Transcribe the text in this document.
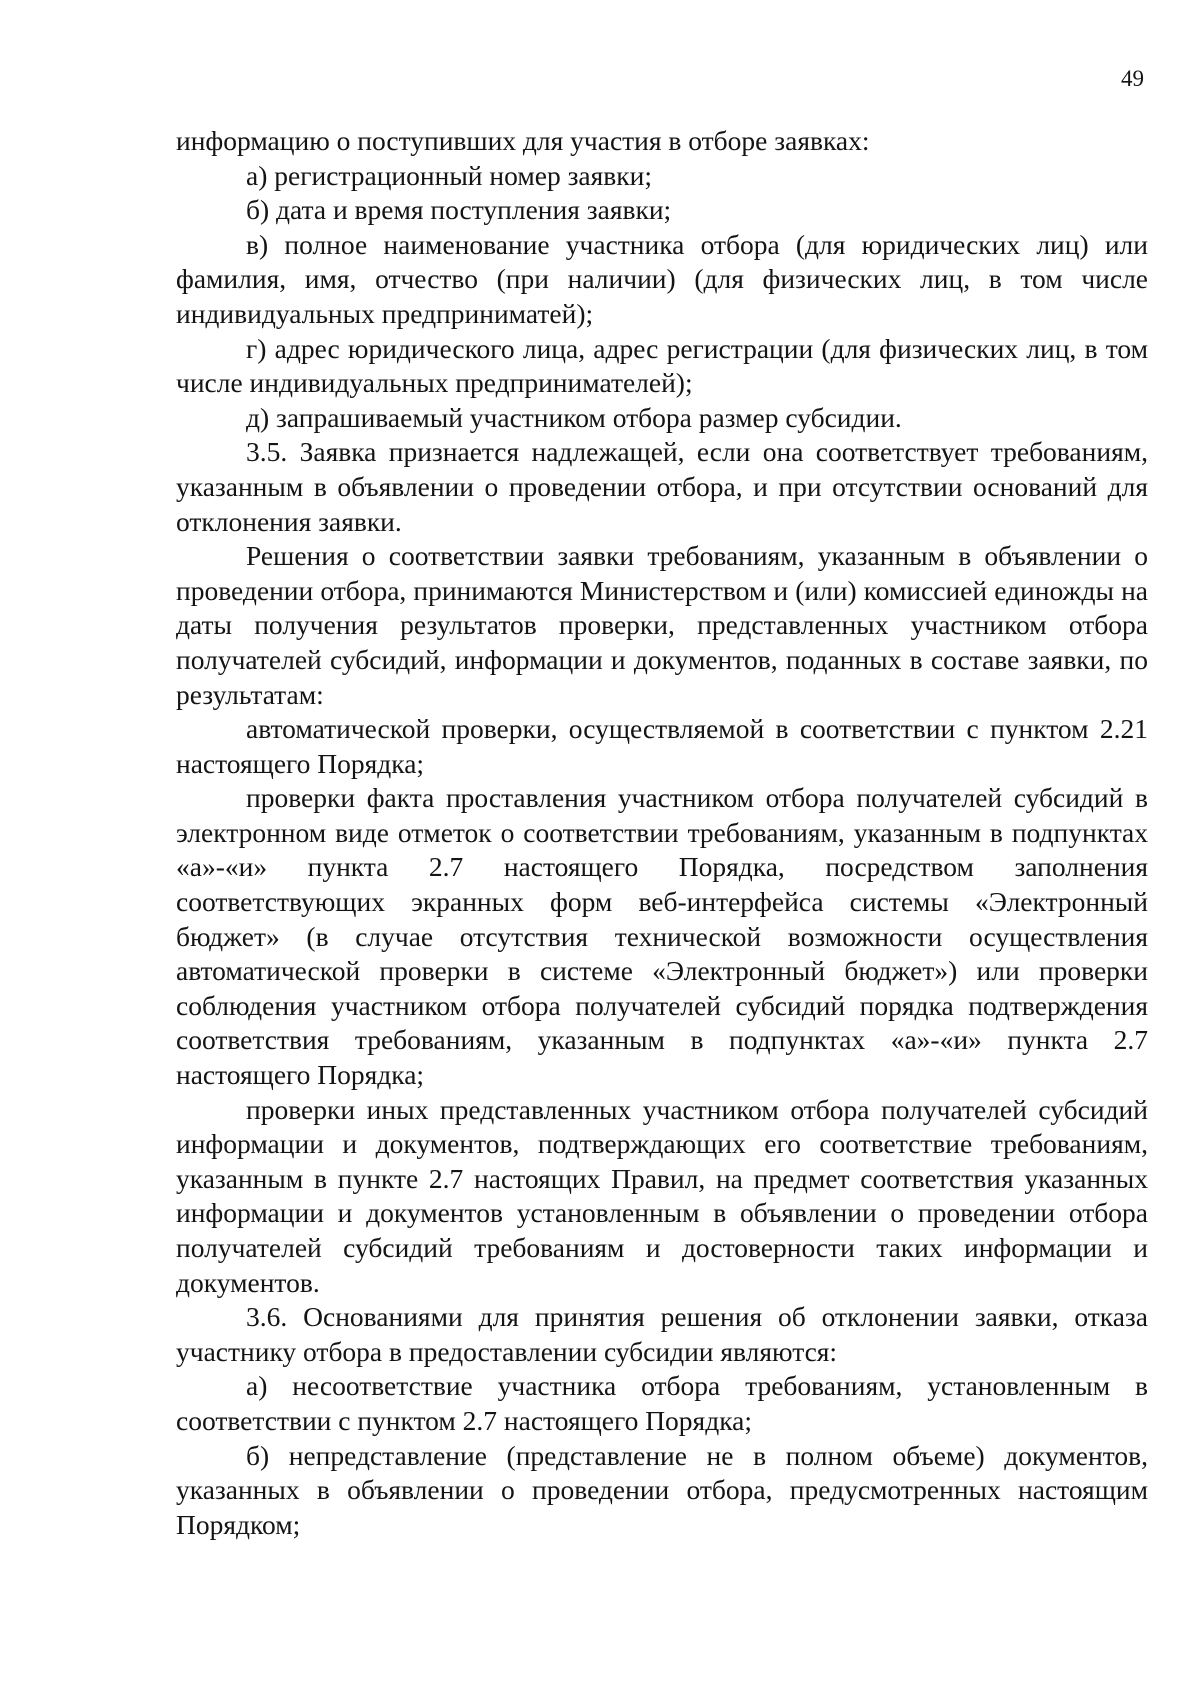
49

информацию о поступивших для участия в отборе заявках:

а) регистрационный номер заявки;

б) дата и время поступления заявки;

в) полное наименование участника отбора (для юридических лиц) или фамилия, имя, отчество (при наличии) (для физических лиц, в том числе индивидуальных предприниматей);

г) адрес юридического лица, адрес регистрации (для физических лиц, в том числе индивидуальных предпринимателей);

д) запрашиваемый участником отбора размер субсидии.

3.5. Заявка признается надлежащей, если она соответствует требованиям, указанным в объявлении о проведении отбора, и при отсутствии оснований для отклонения заявки.

Решения о соответствии заявки требованиям, указанным в объявлении о проведении отбора, принимаются Министерством и (или) комиссией единожды на даты получения результатов проверки, представленных участником отбора получателей субсидий, информации и документов, поданных в составе заявки, по результатам:

автоматической проверки, осуществляемой в соответствии с пунктом 2.21 настоящего Порядка;

проверки факта проставления участником отбора получателей субсидий в электронном виде отметок о соответствии требованиям, указанным в подпунктах «а»-«и» пункта 2.7 настоящего Порядка, посредством заполнения соответствующих экранных форм веб-интерфейса системы «Электронный бюджет» (в случае отсутствия технической возможности осуществления автоматической проверки в системе «Электронный бюджет») или проверки соблюдения участником отбора получателей субсидий порядка подтверждения соответствия требованиям, указанным в подпунктах «а»-«и» пункта 2.7 настоящего Порядка;

проверки иных представленных участником отбора получателей субсидий информации и документов, подтверждающих его соответствие требованиям, указанным в пункте 2.7 настоящих Правил, на предмет соответствия указанных информации и документов установленным в объявлении о проведении отбора получателей субсидий требованиям и достоверности таких информации и документов.

3.6. Основаниями для принятия решения об отклонении заявки, отказа участнику отбора в предоставлении субсидии являются:

а) несоответствие участника отбора требованиям, установленным в соответствии с пунктом 2.7 настоящего Порядка;

б) непредставление (представление не в полном объеме) документов, указанных в объявлении о проведении отбора, предусмотренных настоящим Порядком;
